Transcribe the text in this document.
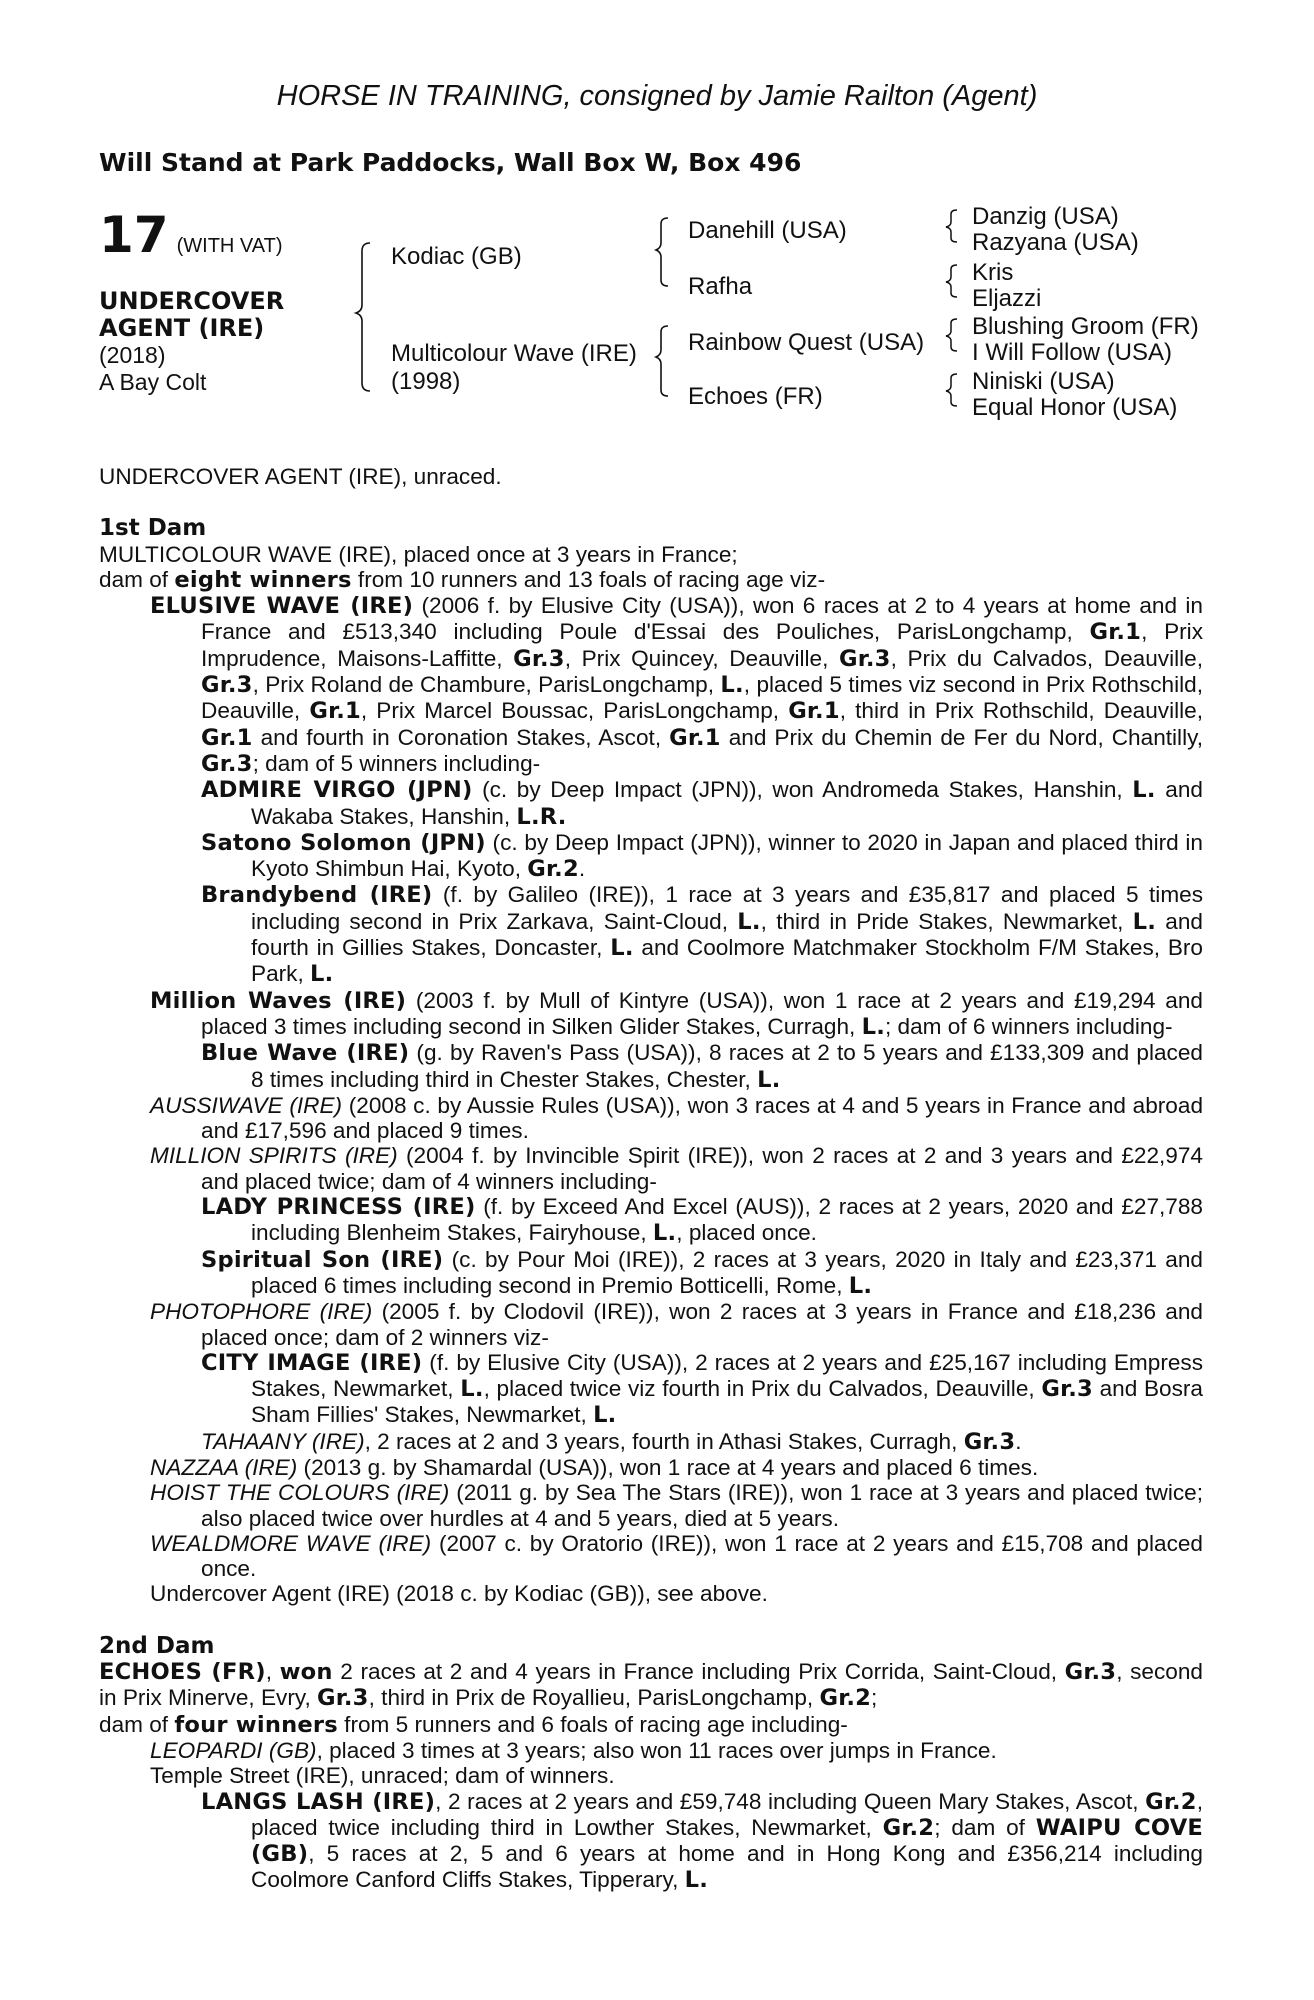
HORSE IN TRAINING, consigned by Jamie Railton (Agent)
Will Stand at Park Paddocks, Wall Box W, Box 496
17 (WITH VAT)
UNDERCOVER
AGENT (IRE)
(2018)
A Bay Colt
Kodiac (GB)
Multicolour Wave (IRE)
(1998)
Danehill (USA)
Rafha
Rainbow Quest (USA)
Echoes (FR)
Danzig (USA)
Razyana (USA)
Kris
Eljazzi
Blushing Groom (FR)
I Will Follow (USA)
Niniski (USA)
Equal Honor (USA)

UNDERCOVER AGENT (IRE), unraced.

1st Dam

MULTICOLOUR WAVE (IRE), placed once at 3 years in France;

dam of eight winners from 10 runners and 13 foals of racing age viz-

ELUSIVE WAVE (IRE) (2006 f. by Elusive City (USA)), won 6 races at 2 to 4 years at home and in France and £513,340 including Poule d'Essai des Pouliches, ParisLongchamp, Gr.1, Prix Imprudence, Maisons-Laffitte, Gr.3, Prix Quincey, Deauville, Gr.3, Prix du Calvados, Deauville, Gr.3, Prix Roland de Chambure, ParisLongchamp, L., placed 5 times viz second in Prix Rothschild, Deauville, Gr.1, Prix Marcel Boussac, ParisLongchamp, Gr.1, third in Prix Rothschild, Deauville, Gr.1 and fourth in Coronation Stakes, Ascot, Gr.1 and Prix du Chemin de Fer du Nord, Chantilly, Gr.3; dam of 5 winners including-

ADMIRE VIRGO (JPN) (c. by Deep Impact (JPN)), won Andromeda Stakes, Hanshin, L. and Wakaba Stakes, Hanshin, L.R.

Satono Solomon (JPN) (c. by Deep Impact (JPN)), winner to 2020 in Japan and placed third in Kyoto Shimbun Hai, Kyoto, Gr.2.

Brandybend (IRE) (f. by Galileo (IRE)), 1 race at 3 years and £35,817 and placed 5 times including second in Prix Zarkava, Saint-Cloud, L., third in Pride Stakes, Newmarket, L. and fourth in Gillies Stakes, Doncaster, L. and Coolmore Matchmaker Stockholm F/M Stakes, Bro Park, L.

Million Waves (IRE) (2003 f. by Mull of Kintyre (USA)), won 1 race at 2 years and £19,294 and placed 3 times including second in Silken Glider Stakes, Curragh, L.; dam of 6 winners including-

Blue Wave (IRE) (g. by Raven's Pass (USA)), 8 races at 2 to 5 years and £133,309 and placed 8 times including third in Chester Stakes, Chester, L.

AUSSIWAVE (IRE) (2008 c. by Aussie Rules (USA)), won 3 races at 4 and 5 years in France and abroad and £17,596 and placed 9 times.

MILLION SPIRITS (IRE) (2004 f. by Invincible Spirit (IRE)), won 2 races at 2 and 3 years and £22,974 and placed twice; dam of 4 winners including-

LADY PRINCESS (IRE) (f. by Exceed And Excel (AUS)), 2 races at 2 years, 2020 and £27,788 including Blenheim Stakes, Fairyhouse, L., placed once.

Spiritual Son (IRE) (c. by Pour Moi (IRE)), 2 races at 3 years, 2020 in Italy and £23,371 and placed 6 times including second in Premio Botticelli, Rome, L.

PHOTOPHORE (IRE) (2005 f. by Clodovil (IRE)), won 2 races at 3 years in France and £18,236 and placed once; dam of 2 winners viz-

CITY IMAGE (IRE) (f. by Elusive City (USA)), 2 races at 2 years and £25,167 including Empress Stakes, Newmarket, L., placed twice viz fourth in Prix du Calvados, Deauville, Gr.3 and Bosra Sham Fillies' Stakes, Newmarket, L.

TAHAANY (IRE), 2 races at 2 and 3 years, fourth in Athasi Stakes, Curragh, Gr.3.

NAZZAA (IRE) (2013 g. by Shamardal (USA)), won 1 race at 4 years and placed 6 times.

HOIST THE COLOURS (IRE) (2011 g. by Sea The Stars (IRE)), won 1 race at 3 years and placed twice; also placed twice over hurdles at 4 and 5 years, died at 5 years.

WEALDMORE WAVE (IRE) (2007 c. by Oratorio (IRE)), won 1 race at 2 years and £15,708 and placed once.

Undercover Agent (IRE) (2018 c. by Kodiac (GB)), see above.

2nd Dam

ECHOES (FR), won 2 races at 2 and 4 years in France including Prix Corrida, Saint-Cloud, Gr.3, second in Prix Minerve, Evry, Gr.3, third in Prix de Royallieu, ParisLongchamp, Gr.2;

dam of four winners from 5 runners and 6 foals of racing age including-

LEOPARDI (GB), placed 3 times at 3 years; also won 11 races over jumps in France.

Temple Street (IRE), unraced; dam of winners.

LANGS LASH (IRE), 2 races at 2 years and £59,748 including Queen Mary Stakes, Ascot, Gr.2, placed twice including third in Lowther Stakes, Newmarket, Gr.2; dam of WAIPU COVE (GB), 5 races at 2, 5 and 6 years at home and in Hong Kong and £356,214 including Coolmore Canford Cliffs Stakes, Tipperary, L.
